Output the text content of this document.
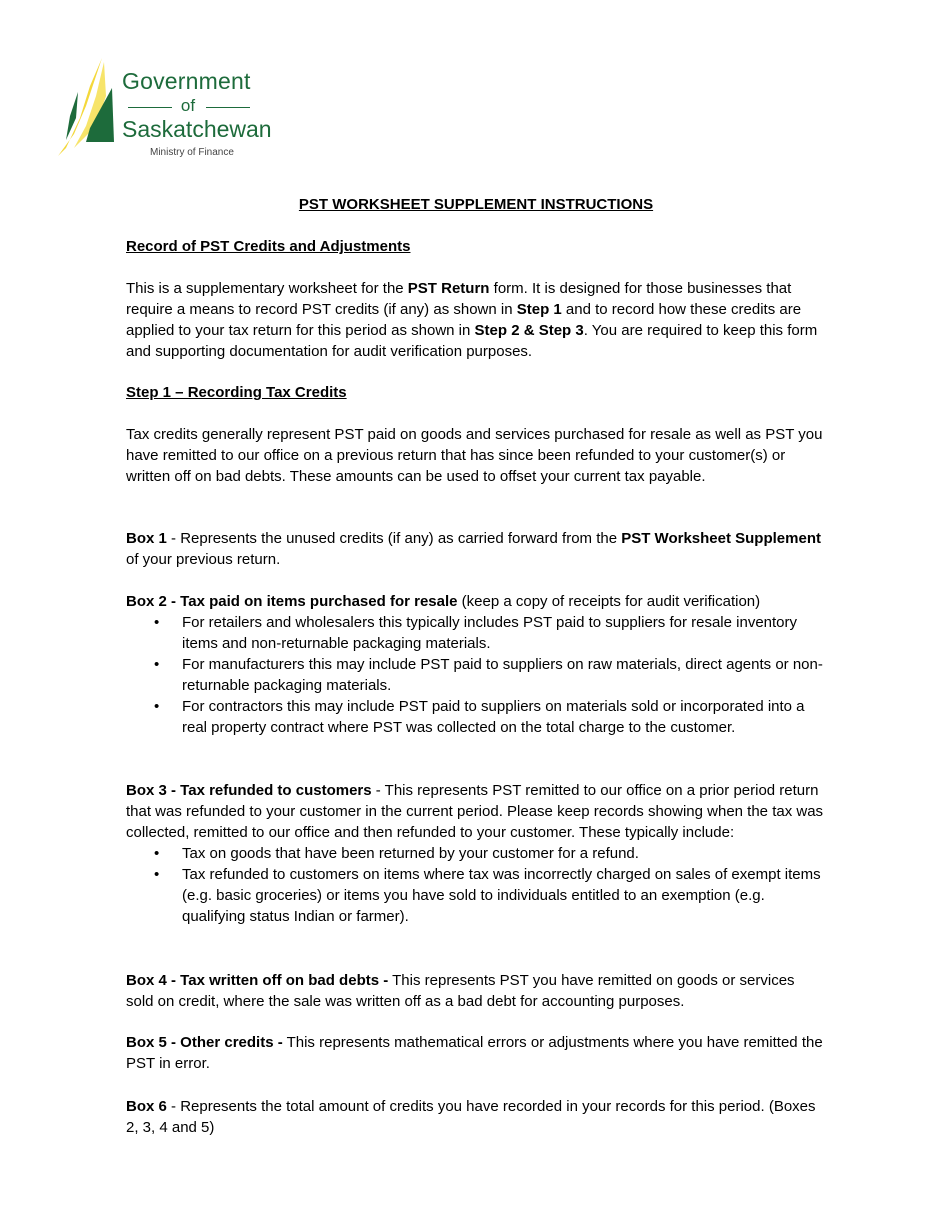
Government
of
Saskatchewan
Ministry of Finance
PST WORKSHEET SUPPLEMENT INSTRUCTIONS

Record of PST Credits and Adjustments

This is a supplementary worksheet for the PST Return form. It is designed for those businesses that require a means to record PST credits (if any) as shown in Step 1 and to record how these credits are applied to your tax return for this period as shown in Step 2 & Step 3. You are required to keep this form and supporting documentation for audit verification purposes.

Step 1 – Recording Tax Credits

Tax credits generally represent PST paid on goods and services purchased for resale as well as PST you have remitted to our office on a previous return that has since been refunded to your customer(s) or written off on bad debts. These amounts can be used to offset your current tax payable.

Box 1 - Represents the unused credits (if any) as carried forward from the PST Worksheet Supplement of your previous return.

Box 2 - Tax paid on items purchased for resale (keep a copy of receipts for audit verification)

• For retailers and wholesalers this typically includes PST paid to suppliers for resale inventory items and non-returnable packaging materials.
• For manufacturers this may include PST paid to suppliers on raw materials, direct agents or non-returnable packaging materials.
• For contractors this may include PST paid to suppliers on materials sold or incorporated into a real property contract where PST was collected on the total charge to the customer.

Box 3 - Tax refunded to customers - This represents PST remitted to our office on a prior period return that was refunded to your customer in the current period. Please keep records showing when the tax was collected, remitted to our office and then refunded to your customer. These typically include:

• Tax on goods that have been returned by your customer for a refund.
• Tax refunded to customers on items where tax was incorrectly charged on sales of exempt items (e.g. basic groceries) or items you have sold to individuals entitled to an exemption (e.g. qualifying status Indian or farmer).

Box 4 - Tax written off on bad debts - This represents PST you have remitted on goods or services sold on credit, where the sale was written off as a bad debt for accounting purposes.

Box 5 - Other credits - This represents mathematical errors or adjustments where you have remitted the PST in error.

Box 6 - Represents the total amount of credits you have recorded in your records for this period. (Boxes 2, 3, 4 and 5)
